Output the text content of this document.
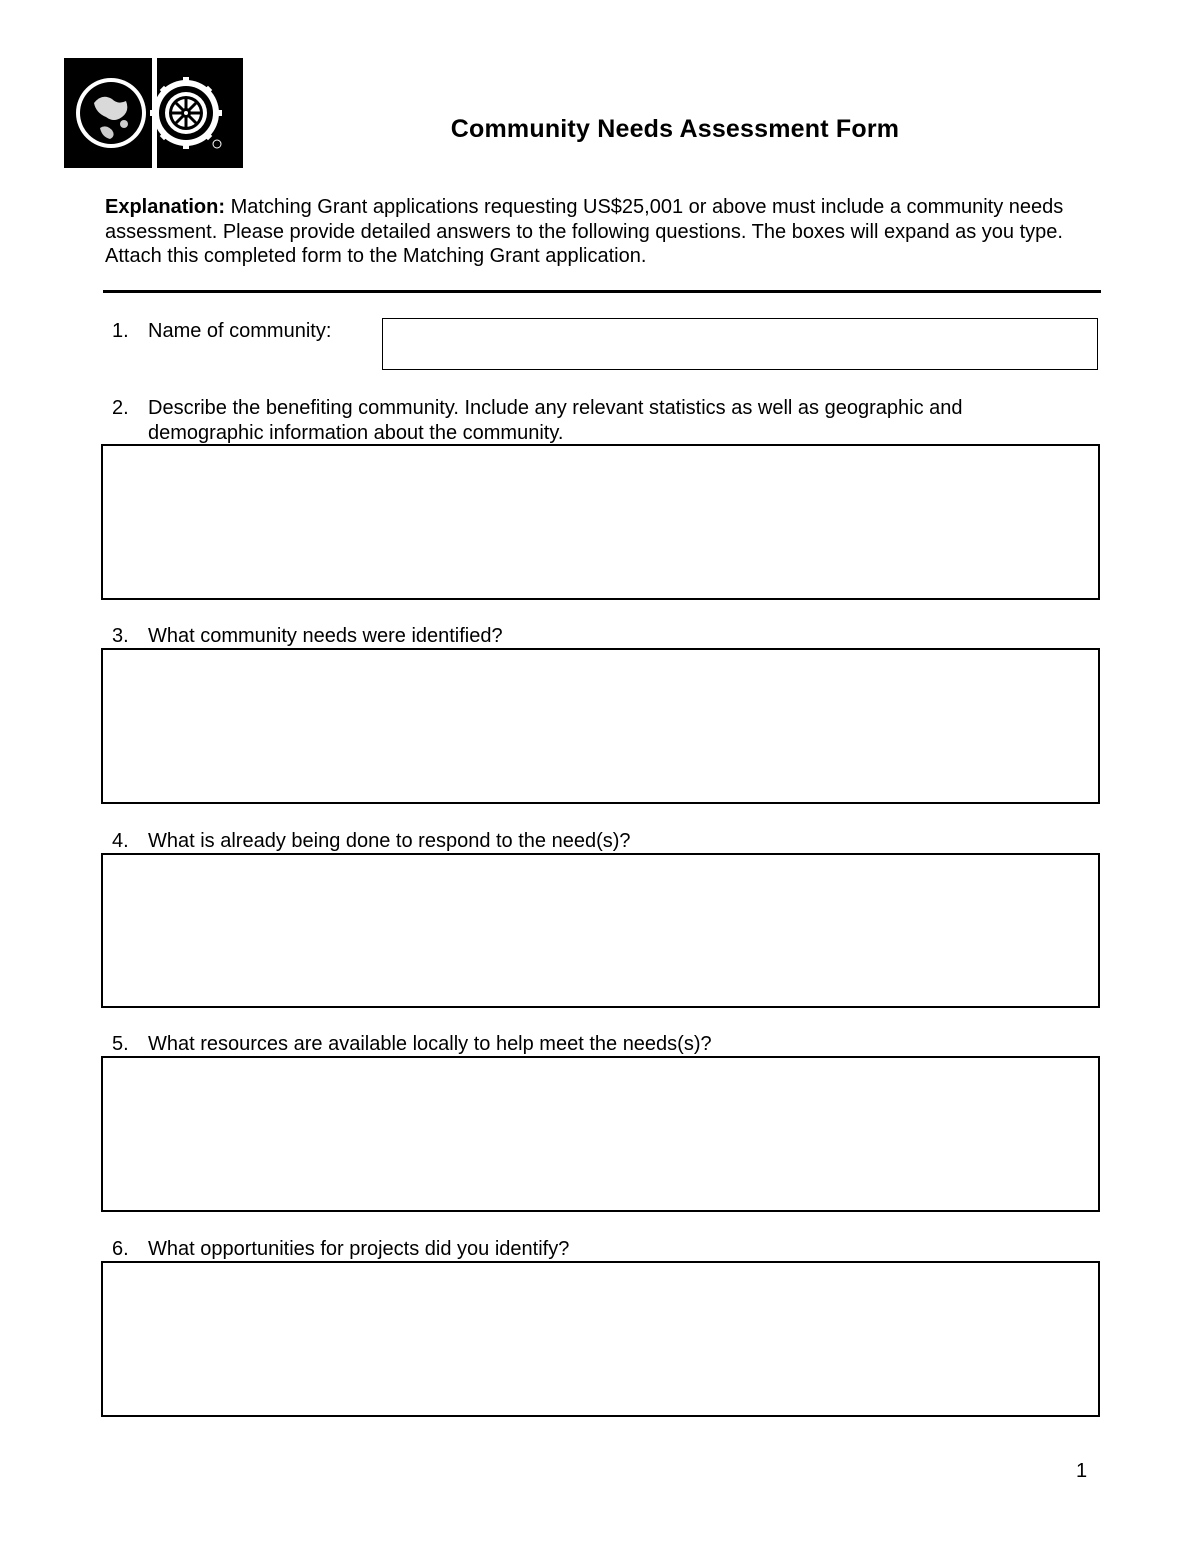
Community Needs Assessment Form
Explanation: Matching Grant applications requesting US$25,001 or above must include a community needs assessment. Please provide detailed answers to the following questions. The boxes will expand as you type. Attach this completed form to the Matching Grant application.
1. Name of community:
2. Describe the benefiting community. Include any relevant statistics as well as geographic and demographic information about the community.
3. What community needs were identified?
4. What is already being done to respond to the need(s)?
5. What resources are available locally to help meet the needs(s)?
6. What opportunities for projects did you identify?
1
